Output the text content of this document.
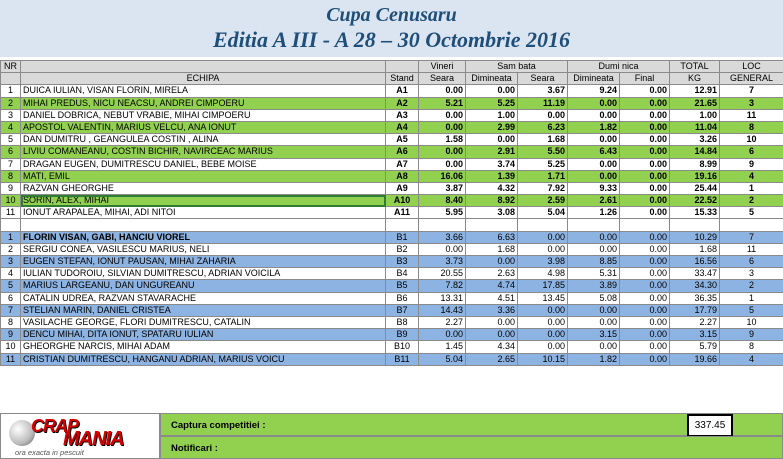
Cupa Cenusaru
Editia A III - A 28 – 30 Octombrie 2016
NR			Vineri	Sam bata		Dumi nica		TOTAL	LOC
	ECHIPA	Stand	Seara	Dimineata	Seara	Dimineata	Final	KG	GENERAL
1	DUICA IULIAN, VISAN FLORIN, MIRELA	A1	0.00	0.00	3.67	9.24	0.00	12.91	7
2	MIHAI PREDUS, NICU NEACSU, ANDREI CIMPOERU	A2	5.21	5.25	11.19	0.00	0.00	21.65	3
3	DANIEL DOBRICA, NEBUT VRABIE, MIHAI CIMPOERU	A3	0.00	1.00	0.00	0.00	0.00	1.00	11
4	APOSTOL VALENTIN, MARIUS VELCU, ANA IONUT	A4	0.00	2.99	6.23	1.82	0.00	11.04	8
5	DAN DUMITRU , GEANGULEA COSTIN , ALINA	A5	1.58	0.00	1.68	0.00	0.00	3.26	10
6	LIVIU COMANEANU, COSTIN BICHIR, NAVIRCEAC MARIUS	A6	0.00	2.91	5.50	6.43	0.00	14.84	6
7	DRAGAN EUGEN, DUMITRESCU DANIEL, BEBE MOISE	A7	0.00	3.74	5.25	0.00	0.00	8.99	9
8	MATI, EMIL	A8	16.06	1.39	1.71	0.00	0.00	19.16	4
9	RAZVAN GHEORGHE	A9	3.87	4.32	7.92	9.33	0.00	25.44	1
10	SORIN, ALEX, MIHAI	A10	8.40	8.92	2.59	2.61	0.00	22.52	2
11	IONUT ARAPALEA, MIHAI, ADI NITOI	A11	5.95	3.08	5.04	1.26	0.00	15.33	5

1	FLORIN VISAN, GABI, HANCIU VIOREL	B1	3.66	6.63	0.00	0.00	0.00	10.29	7
2	SERGIU CONEA, VASILESCU MARIUS, NELI	B2	0.00	1.68	0.00	0.00	0.00	1.68	11
3	EUGEN STEFAN, IONUT PAUSAN, MIHAI ZAHARIA	B3	3.73	0.00	3.98	8.85	0.00	16.56	6
4	IULIAN TUDOROIU, SILVIAN DUMITRESCU, ADRIAN VOICILA	B4	20.55	2.63	4.98	5.31	0.00	33.47	3
5	MARIUS LARGEANU, DAN UNGUREANU	B5	7.82	4.74	17.85	3.89	0.00	34.30	2
6	CATALIN UDREA, RAZVAN STAVARACHE	B6	13.31	4.51	13.45	5.08	0.00	36.35	1
7	STELIAN MARIN, DANIEL CRISTEA	B7	14.43	3.36	0.00	0.00	0.00	17.79	5
8	VASILACHE GEORGE, FLORI DUMITRESCU, CATALIN	B8	2.27	0.00	0.00	0.00	0.00	2.27	10
9	DENCU MIHAI, DITA IONUT, SPATARU IULIAN	B9	0.00	0.00	0.00	3.15	0.00	3.15	9
10	GHEORGHE NARCIS, MIHAI ADAM	B10	1.45	4.34	0.00	0.00	0.00	5.79	8
11	CRISTIAN DUMITRESCU, HANGANU ADRIAN, MARIUS VOICU	B11	5.04	2.65	10.15	1.82	0.00	19.66	4
CRAP
MANIA
ora exacta in pescuit
Captura competitiei :	337.45
Notificari :
